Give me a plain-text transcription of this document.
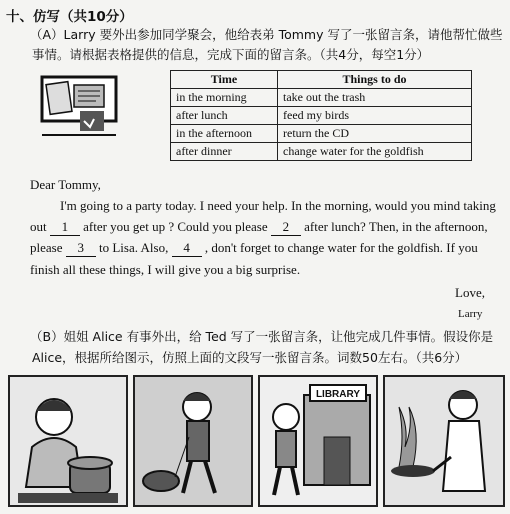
十、仿写（共10分）
（A）Larry 要外出参加同学聚会，他给表弟 Tommy 写了一张留言条，请他帮忙做些
事情。请根据表格提供的信息，完成下面的留言条。（共4分，每空1分）
Time	Things to do
in the morning	take out the trash
after lunch	feed my birds
in the afternoon	return the CD
after dinner	change water for the goldfish
Dear Tommy,
I'm going to a party today. I need your help. In the morning, would you mind taking
out 1 after you get up ? Could you please 2 after lunch? Then, in the afternoon,
please 3 to Lisa. Also, 4 , don't forget to change water for the goldfish. If you
finish all these things, I will give you a big surprise.
Love,
Larry
（B）姐姐 Alice 有事外出，给 Ted 写了一张留言条，让他完成几件事情。假设你是
Alice，根据所给图示，仿照上面的文段写一张留言条。词数50左右。（共6分）
LIBRARY
